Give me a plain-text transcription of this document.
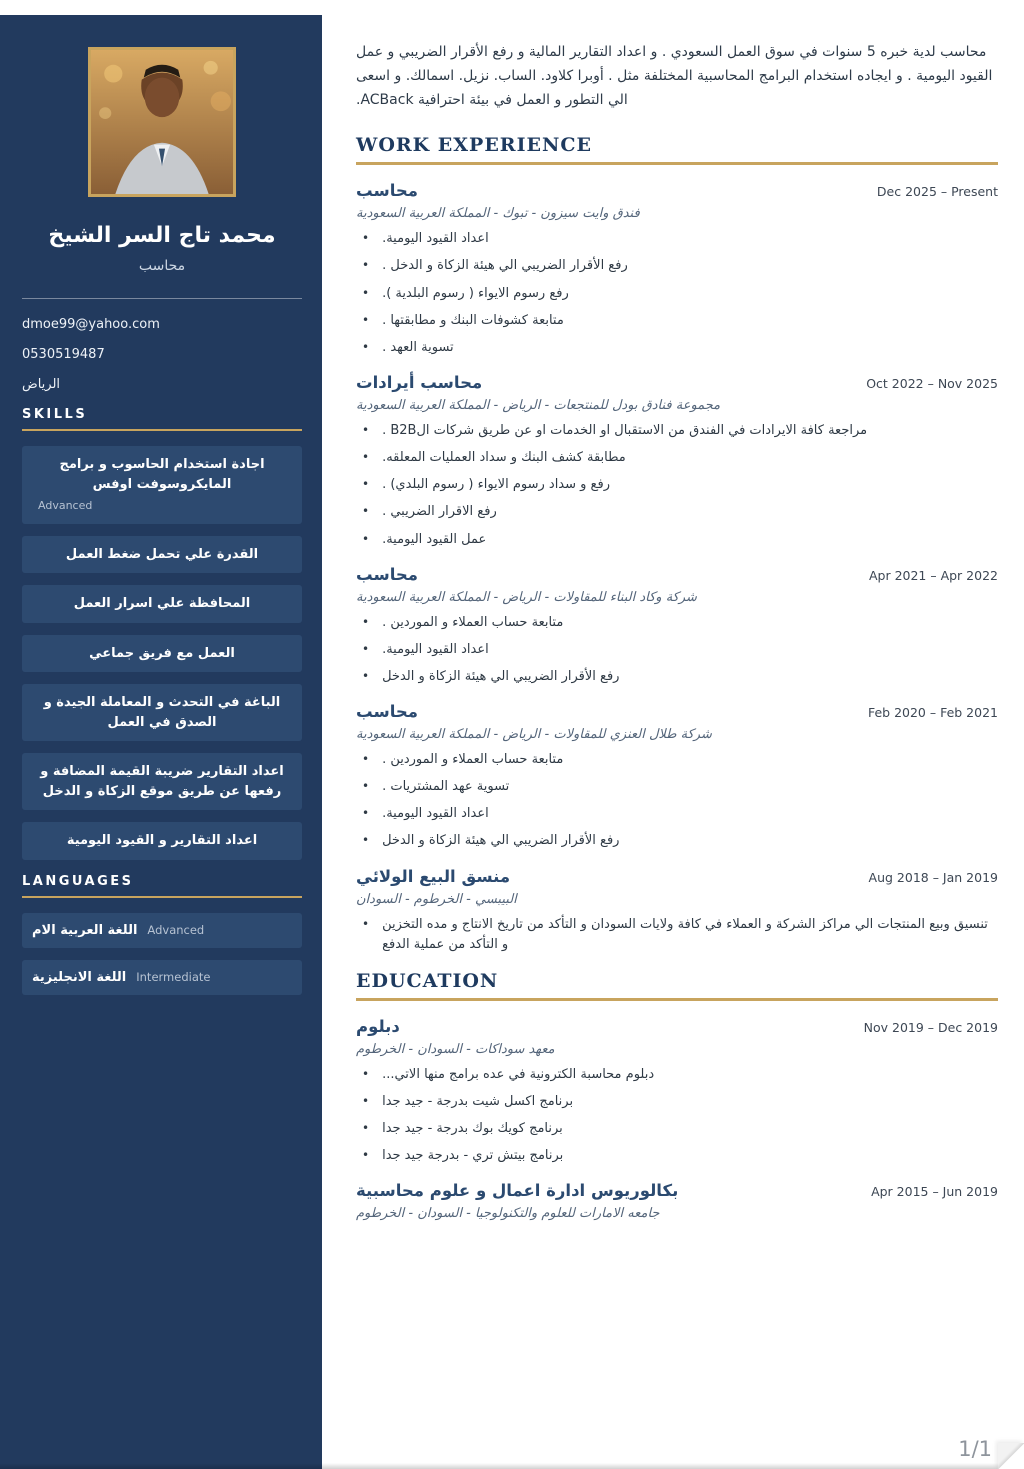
محمد تاج السر الشيخ
محاسب
dmoe99@yahoo.com
0530519487
الرياض
SKILLS
اجادة استخدام الحاسوب و برامج المايكروسوفت اوفس
Advanced
القدرة علي تحمل ضغط العمل
المحافظة علي اسرار العمل
العمل مع فريق جماعي
الباغة في التحدث و المعاملة الجيدة و الصدق في العمل
اعداد التقارير ضريبة القيمة المضافة و رفعها عن طريق موقع الزكاة و الدخل
اعداد التقارير و القيود اليومية
LANGUAGES
اللغة العربية الام Advanced
اللغة الانجليزية Intermediate

محاسب لدية خبره 5 سنوات في سوق العمل السعودي . و اعداد التقارير المالية و رفع الأقرار الضريبي و عمل القيود اليومية . و ايجاده استخدام البرامج المحاسبية المختلفة مثل . أوبرا كلاود. الساب. نزيل. اسمالك. و اسعى الي التطور و العمل في بيئة احترافية ACBack.

WORK EXPERIENCE
محاسب	Dec 2025 – Present
فندق وايت سيزون - تبوك - المملكة العربية السعودية
• اعداد القيود اليومية.
• رفع الأقرار الضريبي الي هيئة الزكاة و الدخل .
• رفع رسوم الايواء ( رسوم البلدية ).
• متابعة كشوفات البنك و مطابقتها .
• تسوية العهد .
محاسب أيرادات	Oct 2022 – Nov 2025
مجموعة فنادق بودل للمنتجعات - الرياض - المملكة العربية السعودية
• مراجعة كافة الايرادات في الفندق من الاستقبال او الخدمات او عن طريق شركات الB2B .
• مطابقة كشف البنك و سداد العمليات المعلقه.
• رفع و سداد رسوم الايواء ( رسوم البلدي) .
• رفع الاقرار الضريبي .
• عمل القيود اليومية.
محاسب	Apr 2021 – Apr 2022
شركة وكاد البناء للمقاولات - الرياض - المملكة العربية السعودية
• متابعة حساب العملاء و الموردين .
• اعداد القيود اليومية.
• رفع الأقرار الضريبي الي هيئة الزكاة و الدخل
محاسب	Feb 2020 – Feb 2021
شركة طلال العنزي للمقاولات - الرياض - المملكة العربية السعودية
• متابعة حساب العملاء و الموردين .
• تسوية عهد المشتريات .
• اعداد القيود اليومية.
• رفع الأقرار الضريبي الي هيئة الزكاة و الدخل
منسق البيع الولائي	Aug 2018 – Jan 2019
البيبسي - الخرطوم - السودان
• تنسيق وبيع المنتجات الي مراكز الشركة و العملاء في كافة ولايات السودان و التأكد من تاريخ الانتاج و مده التخزين و التأكد من عملية الدفع
EDUCATION
دبلوم	Nov 2019 – Dec 2019
معهد سوداكات - السودان - الخرطوم
• دبلوم محاسبة الكترونية في عده برامج منها الاتي...
• برنامج اكسل شيت بدرجة - جيد جدا
• برنامج كويك بوك بدرجة - جيد جدا
• برنامج بيتش تري - بدرجة جيد جدا
بكالوريوس ادارة اعمال و علوم محاسبية	Apr 2015 – Jun 2019
جامعه الامارات للعلوم والتكنولوجيا - السودان - الخرطوم
1/1
